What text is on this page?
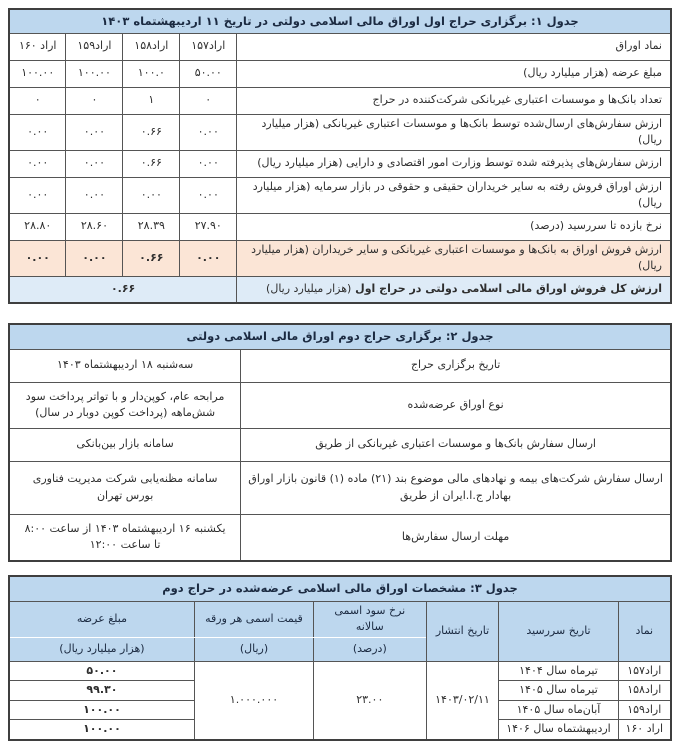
جدول ۱: برگزاری حراج اول اوراق مالی اسلامی دولتی در تاریخ ۱۱ اردیبهشتماه ۱۴۰۳				
نماد اوراق	اراد۱۵۷	اراد۱۵۸	اراد۱۵۹	اراد ۱۶۰
مبلغ عرضه (هزار میلیارد ریال)	۵۰.۰۰	۱۰۰.۰	۱۰۰.۰۰	۱۰۰.۰۰
تعداد بانک‌ها و موسسات اعتباری غیربانکی شرکت‌کننده در حراج	۰	۱	۰	۰
ارزش سفارش‌های ارسال‌شده توسط بانک‌ها و موسسات اعتباری غیربانکی (هزار میلیارد ریال)	۰.۰۰	۰.۶۶	۰.۰۰	۰.۰۰
ارزش سفارش‌های پذیرفته شده توسط وزارت امور اقتصادی و دارایی (هزار میلیارد ریال)	۰.۰۰	۰.۶۶	۰.۰۰	۰.۰۰
ارزش اوراق فروش رفته به سایر خریداران حقیقی و حقوقی در بازار سرمایه (هزار میلیارد ریال)	۰.۰۰	۰.۰۰	۰.۰۰	۰.۰۰
نرخ بازده تا سررسید (درصد)	۲۷.۹۰	۲۸.۳۹	۲۸.۶۰	۲۸.۸۰
ارزش فروش اوراق به بانک‌ها و موسسات اعتباری غیربانکی و سایر خریداران (هزار میلیارد ریال)	۰.۰۰	۰.۶۶	۰.۰۰	۰.۰۰
ارزش کل فروش اوراق مالی اسلامی دولتی در حراج اول (هزار میلیارد ریال)	۰.۶۶			
جدول ۲: برگزاری حراج دوم اوراق مالی اسلامی دولتی	
تاریخ برگزاری حراج	سه‌شنبه ۱۸ اردیبهشتماه ۱۴۰۳
نوع اوراق عرضه‌شده	مرابحه عام، کوپن‌دار و با تواتر پرداخت سود شش‌ماهه (پرداخت کوپن دوبار در سال)
ارسال سفارش بانک‌ها و موسسات اعتباری غیربانکی از طریق	سامانه بازار بین‌بانکی
ارسال سفارش شرکت‌های بیمه و نهادهای مالی موضوع بند (۲۱) ماده (۱) قانون بازار اوراق بهادار ج.ا.ایران از طریق	سامانه مظنه‌یابی شرکت مدیریت فناوری بورس تهران
مهلت ارسال سفارش‌ها	یکشنبه ۱۶ اردیبهشتماه ۱۴۰۳ از ساعت ۸:۰۰ تا ساعت ۱۲:۰۰
جدول ۳: مشخصات اوراق مالی اسلامی عرضه‌شده در حراج دوم					
نماد	تاریخ سررسید	تاریخ انتشار	نرخ سود اسمی سالانه	قیمت اسمی هر ورقه	مبلغ عرضه
			(درصد)	(ریال)	(هزار میلیارد ریال)
اراد۱۵۷	تیرماه سال ۱۴۰۴	۱۴۰۳/۰۲/۱۱	۲۳.۰۰	۱.۰۰۰.۰۰۰	۵۰.۰۰
اراد۱۵۸	تیرماه سال ۱۴۰۵				۹۹.۳۰
اراد۱۵۹	آبان‌ماه سال ۱۴۰۵				۱۰۰.۰۰
اراد ۱۶۰	اردیبهشتماه سال ۱۴۰۶				۱۰۰.۰۰
